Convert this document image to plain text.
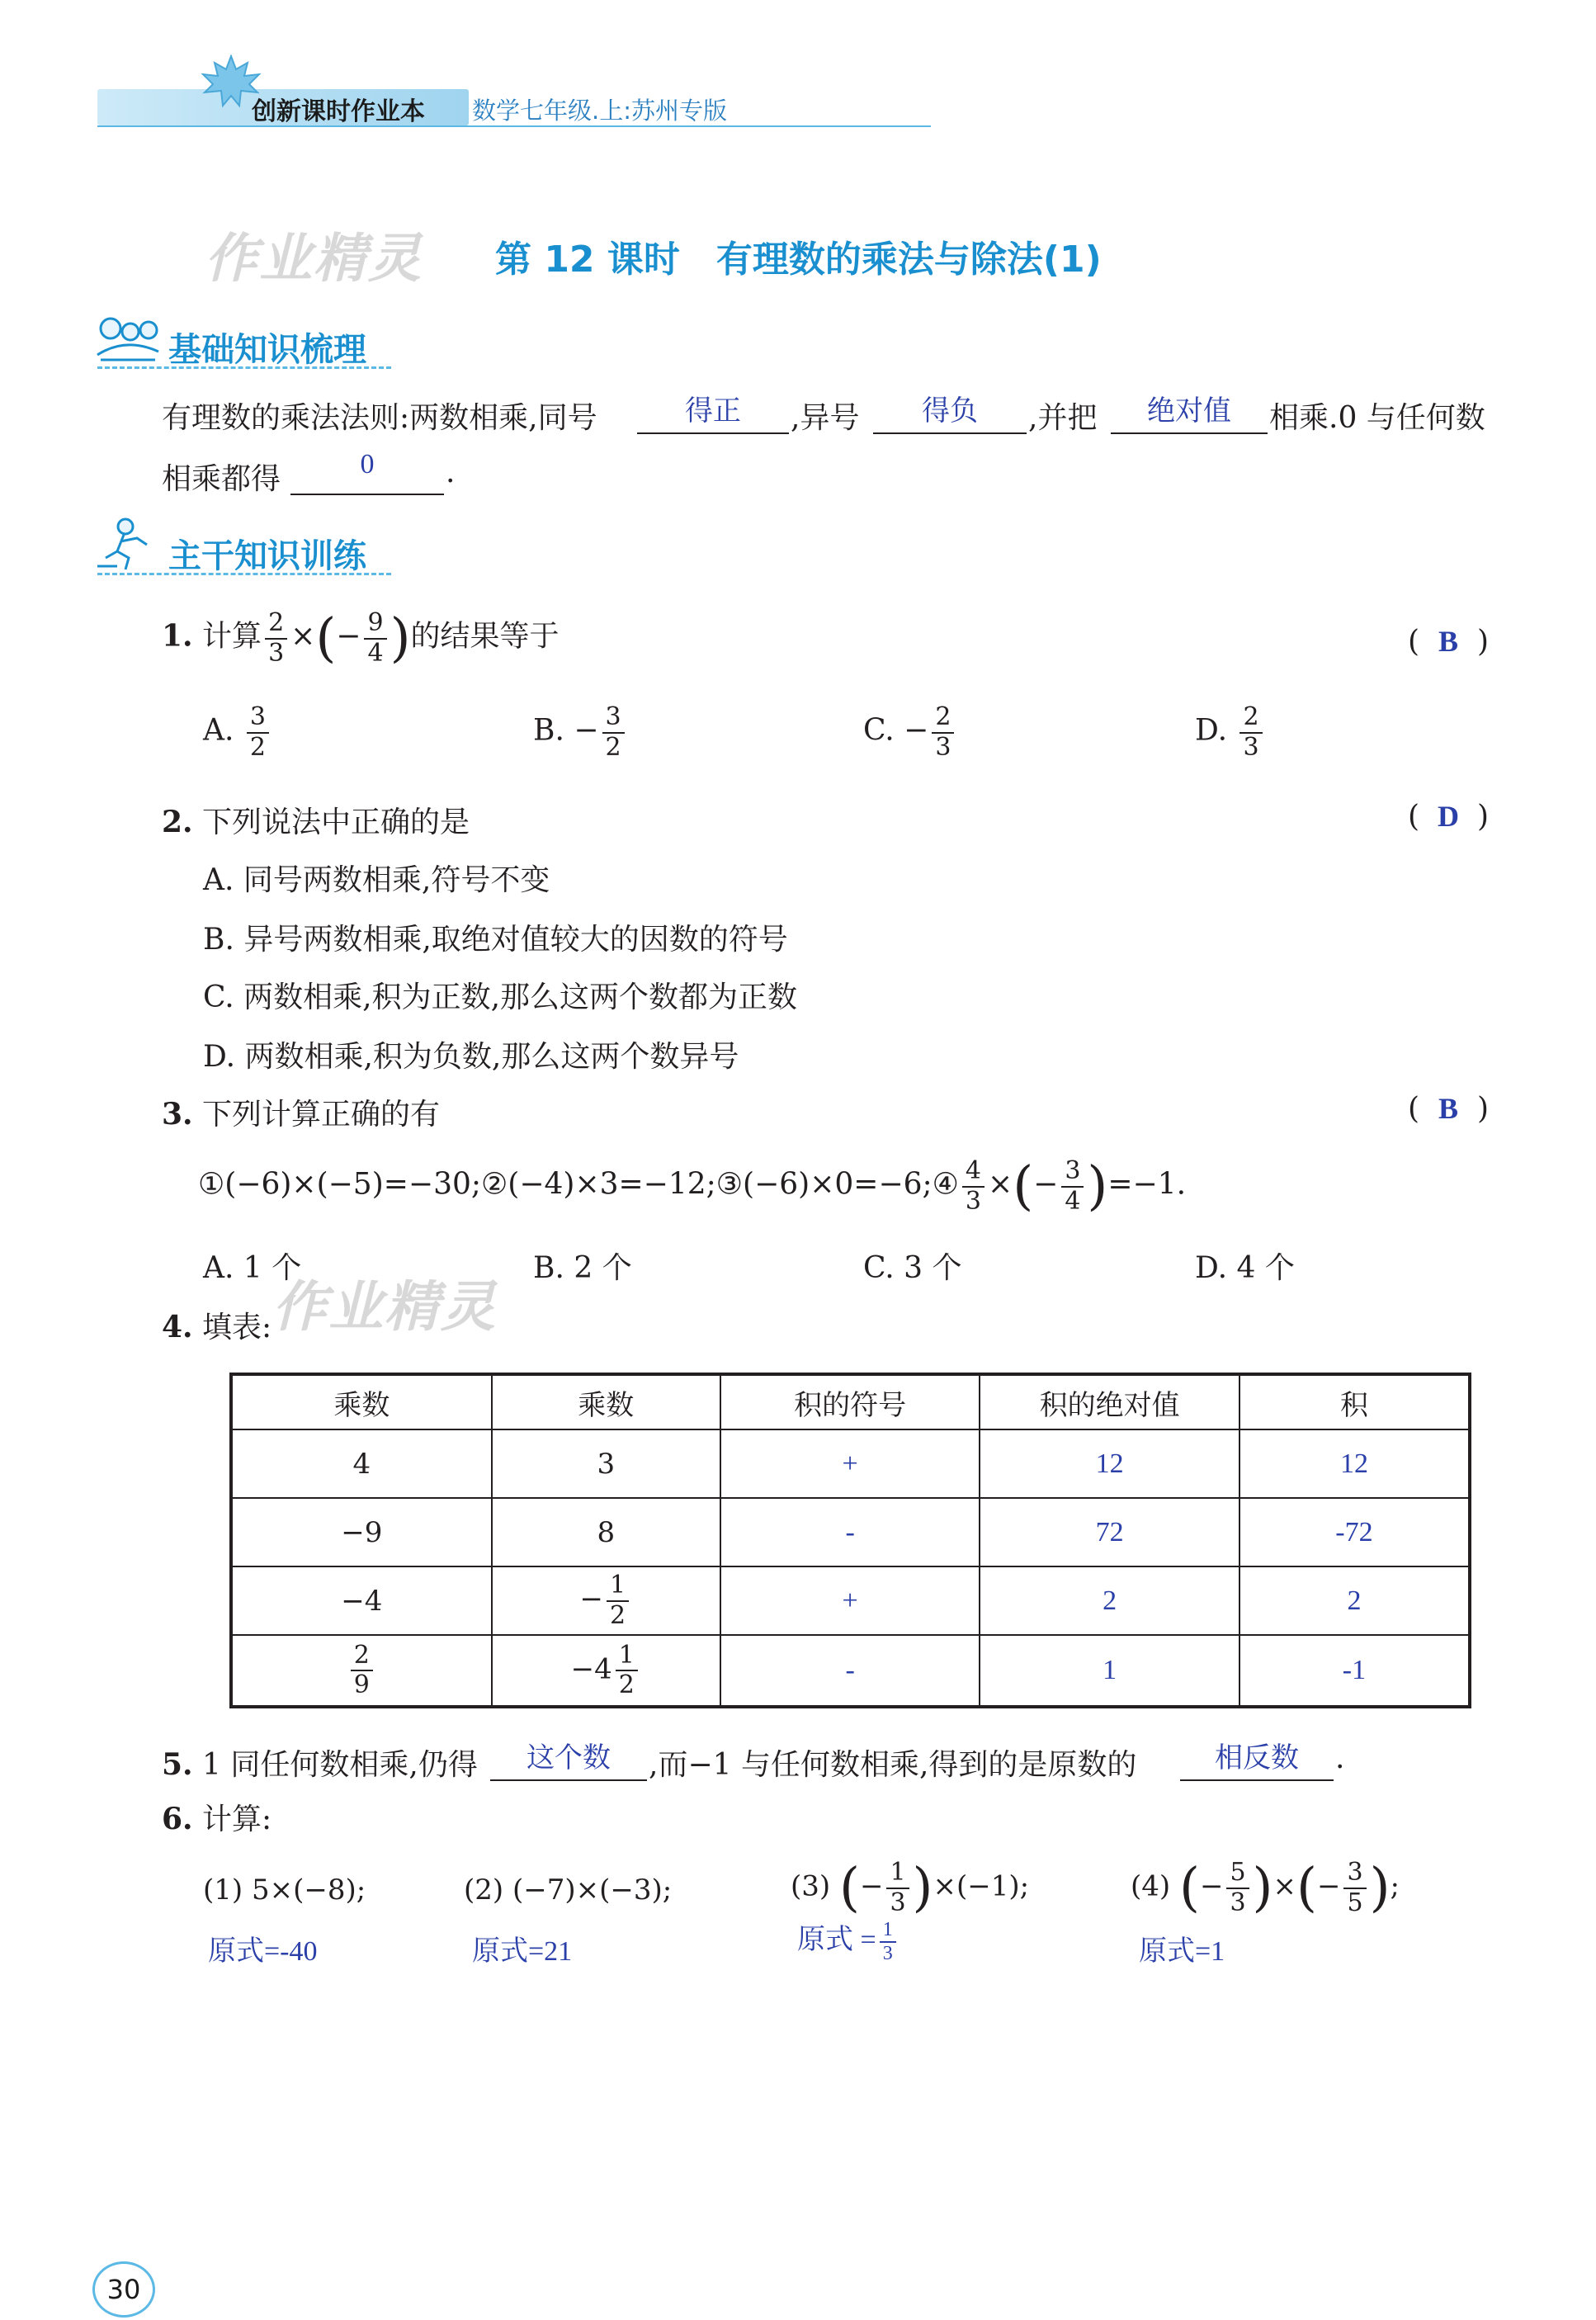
创新课时作业本 数学七年级.上:苏州专版
作业精灵
作业精灵
第 12 课时　有理数的乘法与除法(1)
基础知识梳理
有理数的乘法法则:两数相乘,同号	得正	,异号	得负	,并把	绝对值	相乘.0 与任何数
相乘都得	0	.
主干知识训练
1. 计算 $\frac{2}{3}$ ×(− $\frac{9}{4}$ )的结果等于	( B )
A. $\frac{3}{2}$	B. − $\frac{3}{2}$	C. − $\frac{2}{3}$	D. $\frac{2}{3}$
2. 下列说法中正确的是	( D )
A. 同号两数相乘,符号不变
B. 异号两数相乘,取绝对值较大的因数的符号
C. 两数相乘,积为正数,那么这两个数都为正数
D. 两数相乘,积为负数,那么这两个数异号
3. 下列计算正确的有	( B )
①(−6)×(−5)=−30;②(−4)×3=−12;③(−6)×0=−6;④ $\frac{4}{3}$ ×(− $\frac{3}{4} )=-1$.
A. 1 个	B. 2 个	C. 3 个	D. 4 个
4. 填表:
乘数	乘数	积的符号	积的绝对值	积
4	3	+	12	12
−9	8	-	72	-72
−4	− $\frac{1}{2}$	+	2	2

$\frac{2}{9}$	$-4 \frac{1}{2}$	-	1	-1
5. 1 同任何数相乘,仍得	这个数	,而−1 与任何数相乘,得到的是原数的	相反数	.
6. 计算:
(1) 5×(−8);
原式=-40
(2) (−7)×(−3);
原式=21
(3) (− $\frac{1}{3} )\times(-1)$;
原式 = $\frac{1}{3}$
(4) (− $\frac{5}{3}$ )×(− $\frac{3}{5}$ );
原式=1
30
